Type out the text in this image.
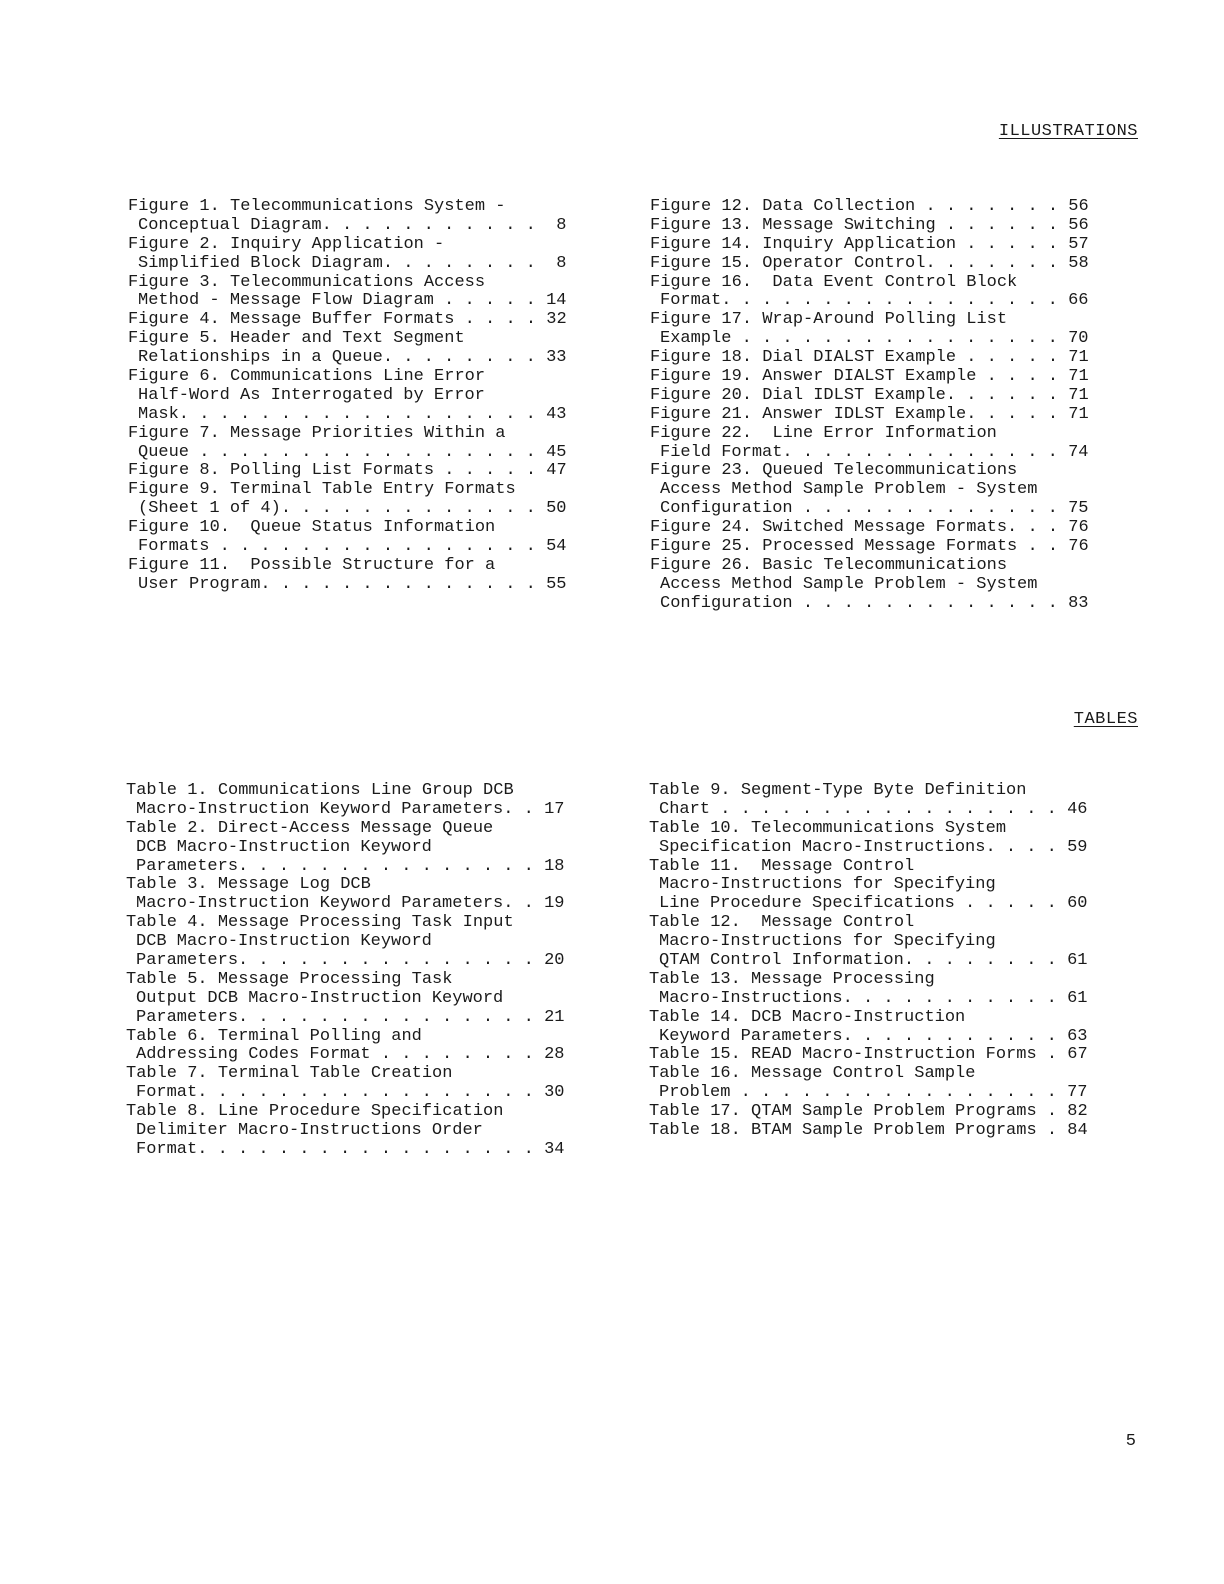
ILLUSTRATIONS
Figure 1. Telecommunications System -
Conceptual Diagram. . . . . . . . . . .  8
Figure 2. Inquiry Application -
Simplified Block Diagram. . . . . . . .  8
Figure 3. Telecommunications Access
Method - Message Flow Diagram . . . . . 14
Figure 4. Message Buffer Formats . . . . 32
Figure 5. Header and Text Segment
Relationships in a Queue. . . . . . . . 33
Figure 6. Communications Line Error
Half-Word As Interrogated by Error
Mask. . . . . . . . . . . . . . . . . . 43
Figure 7. Message Priorities Within a
Queue . . . . . . . . . . . . . . . . . 45
Figure 8. Polling List Formats . . . . . 47
Figure 9. Terminal Table Entry Formats
(Sheet 1 of 4). . . . . . . . . . . . . 50
Figure 10.  Queue Status Information
Formats . . . . . . . . . . . . . . . . 54
Figure 11.  Possible Structure for a
User Program. . . . . . . . . . . . . . 55
Figure 12. Data Collection . . . . . . . 56
Figure 13. Message Switching . . . . . . 56
Figure 14. Inquiry Application . . . . . 57
Figure 15. Operator Control. . . . . . . 58
Figure 16.  Data Event Control Block
Format. . . . . . . . . . . . . . . . . 66
Figure 17. Wrap-Around Polling List
Example . . . . . . . . . . . . . . . . 70
Figure 18. Dial DIALST Example . . . . . 71
Figure 19. Answer DIALST Example . . . . 71
Figure 20. Dial IDLST Example. . . . . . 71
Figure 21. Answer IDLST Example. . . . . 71
Figure 22.  Line Error Information
Field Format. . . . . . . . . . . . . . 74
Figure 23. Queued Telecommunications
Access Method Sample Problem - System
Configuration . . . . . . . . . . . . . 75
Figure 24. Switched Message Formats. . . 76
Figure 25. Processed Message Formats . . 76
Figure 26. Basic Telecommunications
Access Method Sample Problem - System
Configuration . . . . . . . . . . . . . 83
TABLES
Table 1. Communications Line Group DCB
Macro-Instruction Keyword Parameters. . 17
Table 2. Direct-Access Message Queue
DCB Macro-Instruction Keyword
Parameters. . . . . . . . . . . . . . . 18
Table 3. Message Log DCB
Macro-Instruction Keyword Parameters. . 19
Table 4. Message Processing Task Input
DCB Macro-Instruction Keyword
Parameters. . . . . . . . . . . . . . . 20
Table 5. Message Processing Task
Output DCB Macro-Instruction Keyword
Parameters. . . . . . . . . . . . . . . 21
Table 6. Terminal Polling and
Addressing Codes Format . . . . . . . . 28
Table 7. Terminal Table Creation
Format. . . . . . . . . . . . . . . . . 30
Table 8. Line Procedure Specification
Delimiter Macro-Instructions Order
Format. . . . . . . . . . . . . . . . . 34
Table 9. Segment-Type Byte Definition
Chart . . . . . . . . . . . . . . . . . 46
Table 10. Telecommunications System
Specification Macro-Instructions. . . . 59
Table 11.  Message Control
Macro-Instructions for Specifying
Line Procedure Specifications . . . . . 60
Table 12.  Message Control
Macro-Instructions for Specifying
QTAM Control Information. . . . . . . . 61
Table 13. Message Processing
Macro-Instructions. . . . . . . . . . . 61
Table 14. DCB Macro-Instruction
Keyword Parameters. . . . . . . . . . . 63
Table 15. READ Macro-Instruction Forms . 67
Table 16. Message Control Sample
Problem . . . . . . . . . . . . . . . . 77
Table 17. QTAM Sample Problem Programs . 82
Table 18. BTAM Sample Problem Programs . 84
5
